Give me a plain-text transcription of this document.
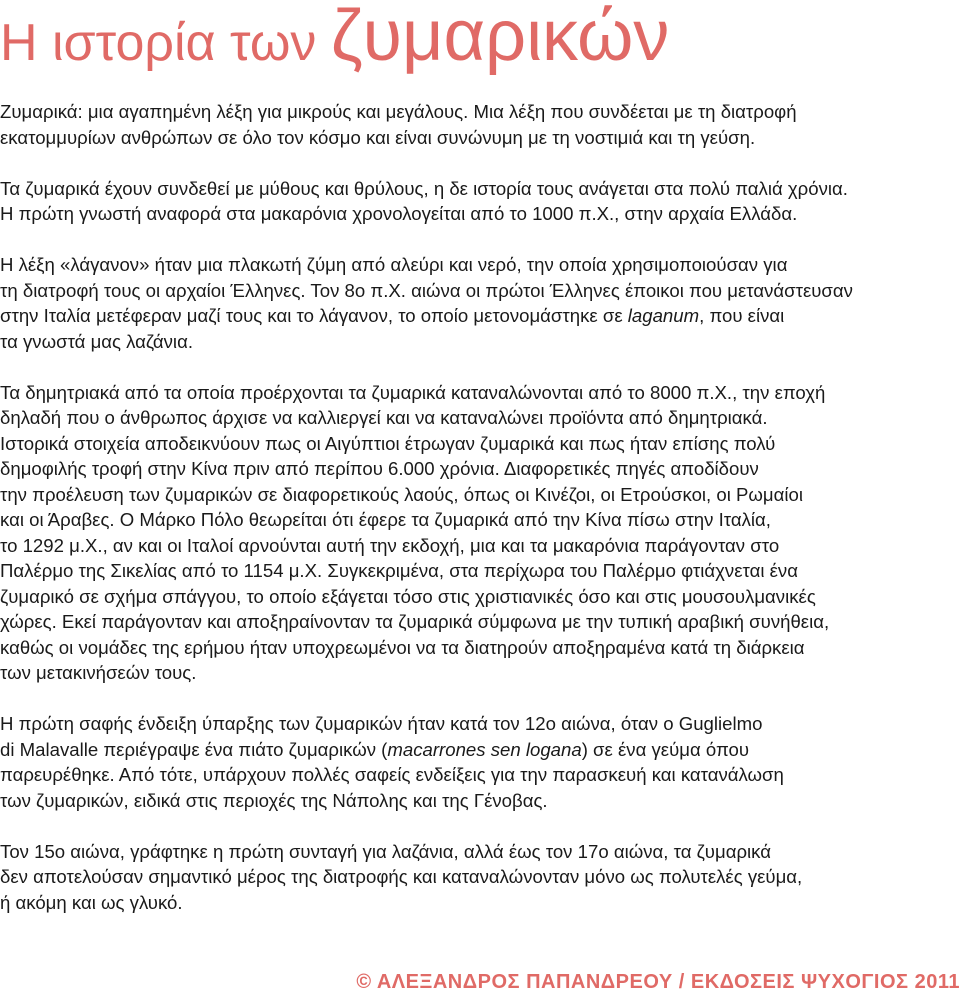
Η ιστορία των ζυμαρικών

Ζυμαρικά: μια αγαπημένη λέξη για μικρούς και μεγάλους. Μια λέξη που συνδέεται με τη διατροφή
εκατομμυρίων ανθρώπων σε όλο τον κόσμο και είναι συνώνυμη με τη νοστιμιά και τη γεύση.

Τα ζυμαρικά έχουν συνδεθεί με μύθους και θρύλους, η δε ιστορία τους ανάγεται στα πολύ παλιά χρόνια.
Η πρώτη γνωστή αναφορά στα μακαρόνια χρονολογείται από το 1000 π.Χ., στην αρχαία Ελλάδα.

Η λέξη «λάγανον» ήταν μια πλακωτή ζύμη από αλεύρι και νερό, την οποία χρησιμοποιούσαν για
τη διατροφή τους οι αρχαίοι Έλληνες. Τον 8ο π.Χ. αιώνα οι πρώτοι Έλληνες έποικοι που μετανάστευσαν
στην Ιταλία μετέφεραν μαζί τους και το λάγανον, το οποίο μετονομάστηκε σε laganum, που είναι
τα γνωστά μας λαζάνια.

Τα δημητριακά από τα οποία προέρχονται τα ζυμαρικά καταναλώνονται από το 8000 π.Χ., την εποχή
δηλαδή που ο άνθρωπος άρχισε να καλλιεργεί και να καταναλώνει προϊόντα από δημητριακά.
Ιστορικά στοιχεία αποδεικνύουν πως οι Αιγύπτιοι έτρωγαν ζυμαρικά και πως ήταν επίσης πολύ
δημοφιλής τροφή στην Κίνα πριν από περίπου 6.000 χρόνια. Διαφορετικές πηγές αποδίδουν
την προέλευση των ζυμαρικών σε διαφορετικούς λαούς, όπως οι Κινέζοι, οι Ετρούσκοι, οι Ρωμαίοι
και οι Άραβες. Ο Μάρκο Πόλο θεωρείται ότι έφερε τα ζυμαρικά από την Κίνα πίσω στην Ιταλία,
το 1292 μ.Χ., αν και οι Ιταλοί αρνούνται αυτή την εκδοχή, μια και τα μακαρόνια παράγονταν στο
Παλέρμο της Σικελίας από το 1154 μ.Χ. Συγκεκριμένα, στα περίχωρα του Παλέρμο φτιάχνεται ένα
ζυμαρικό σε σχήμα σπάγγου, το οποίο εξάγεται τόσο στις χριστιανικές όσο και στις μουσουλμανικές
χώρες. Εκεί παράγονταν και αποξηραίνονταν τα ζυμαρικά σύμφωνα με την τυπική αραβική συνήθεια,
καθώς οι νομάδες της ερήμου ήταν υποχρεωμένοι να τα διατηρούν αποξηραμένα κατά τη διάρκεια
των μετακινήσεών τους.

Η πρώτη σαφής ένδειξη ύπαρξης των ζυμαρικών ήταν κατά τον 12ο αιώνα, όταν ο Guglielmo
di Malavalle περιέγραψε ένα πιάτο ζυμαρικών (macarrones sen logana) σε ένα γεύμα όπου
παρευρέθηκε. Από τότε, υπάρχουν πολλές σαφείς ενδείξεις για την παρασκευή και κατανάλωση
των ζυμαρικών, ειδικά στις περιοχές της Νάπολης και της Γένοβας.

Τον 15ο αιώνα, γράφτηκε η πρώτη συνταγή για λαζάνια, αλλά έως τον 17ο αιώνα, τα ζυμαρικά
δεν αποτελούσαν σημαντικό μέρος της διατροφής και καταναλώνονταν μόνο ως πολυτελές γεύμα,
ή ακόμη και ως γλυκό.

© ΑΛΕΞΑΝΔΡΟΣ ΠΑΠΑΝΔΡΕΟΥ / ΕΚΔΟΣΕΙΣ ΨΥΧΟΓΙΟΣ 2011
